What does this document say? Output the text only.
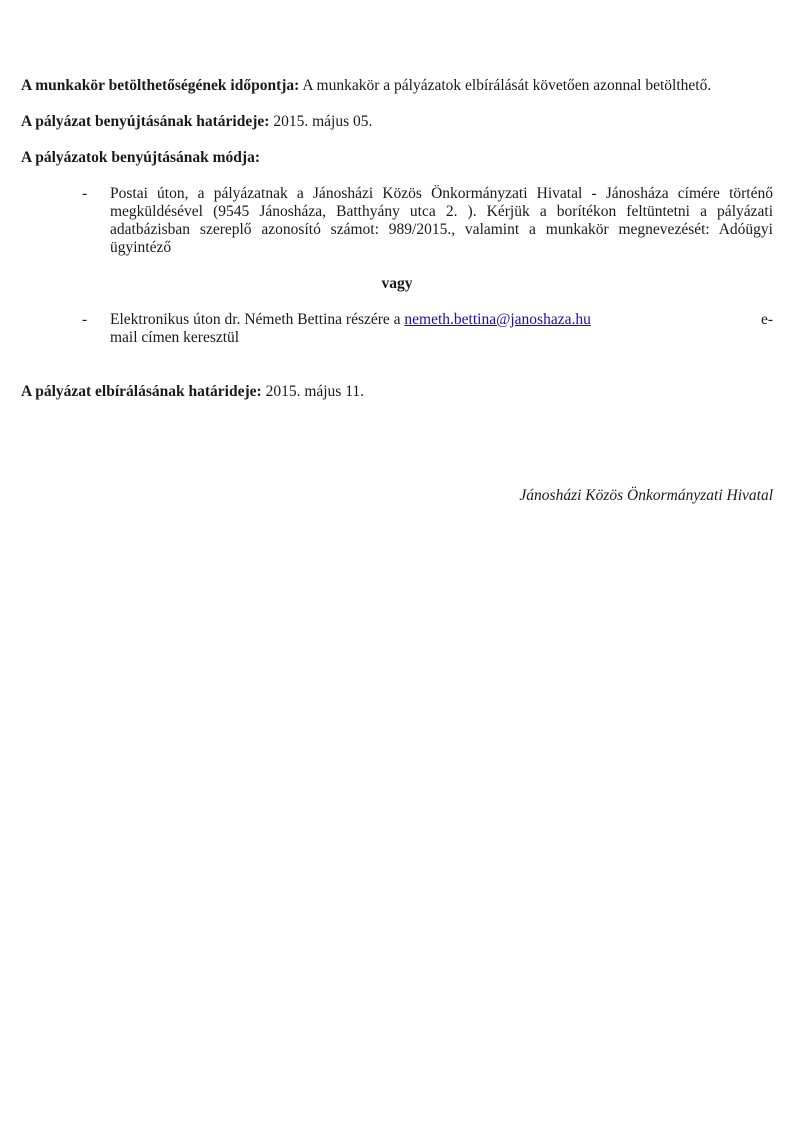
A munkakör betölthetőségének időpontja: A munkakör a pályázatok elbírálását követően azonnal betölthető.

A pályázat benyújtásának határideje: 2015. május 05.

A pályázatok benyújtásának módja:

-	Postai úton, a pályázatnak a Jánosházi Közös Önkormányzati Hivatal - Jánosháza címére történő megküldésével (9545 Jánosháza, Batthyány utca 2. ). Kérjük a borítékon feltüntetni a pályázati adatbázisban szereplő azonosító számot: 989/2015., valamint a munkakör megnevezését: Adóügyi ügyintéző

vagy

-	Elektronikus úton dr. Németh Bettina részére a nemeth.bettina@janoshaza.hu	e-
mail címen keresztül

A pályázat elbírálásának határideje: 2015. május 11.

Jánosházi Közös Önkormányzati Hivatal
